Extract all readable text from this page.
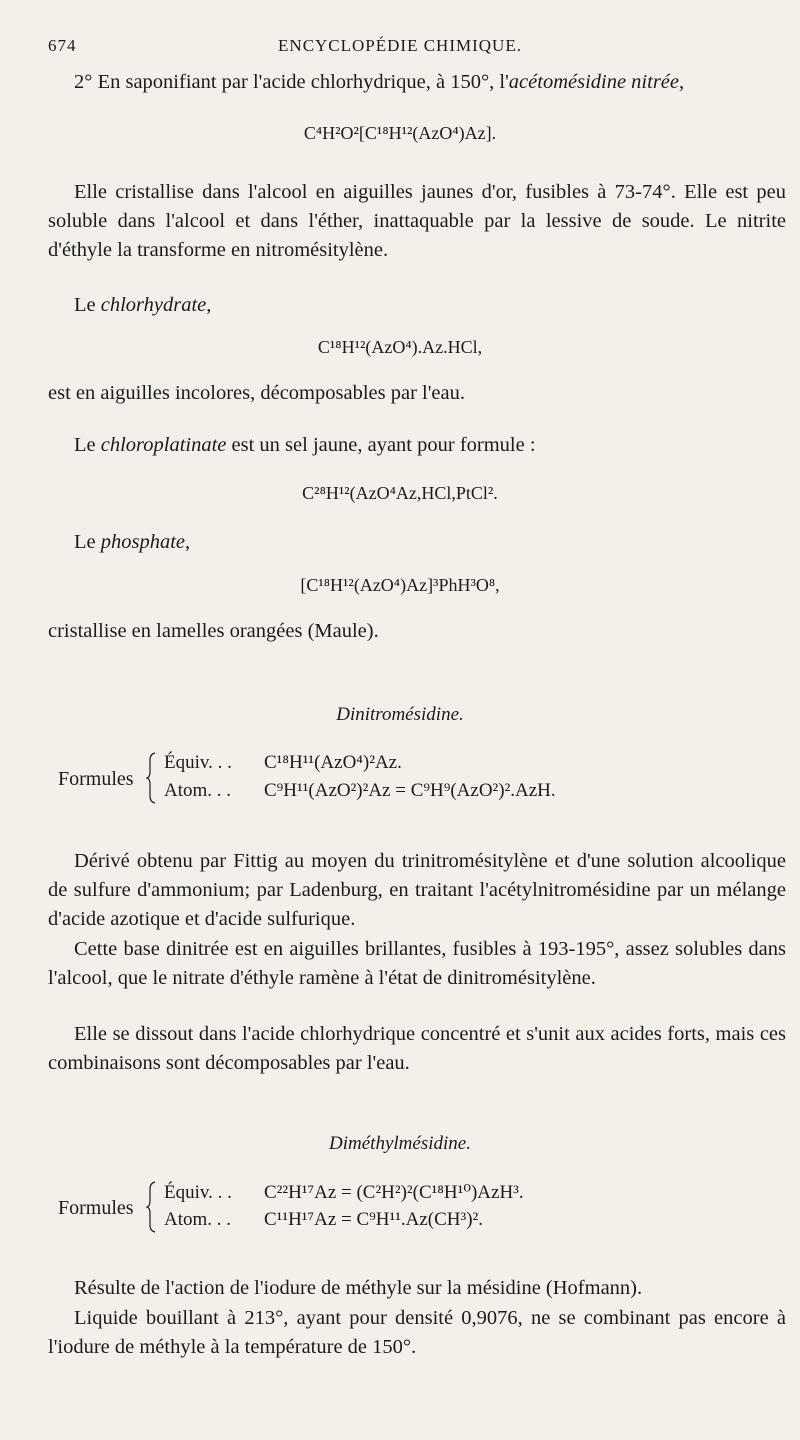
674	ENCYCLOPÉDIE CHIMIQUE.

2° En saponifiant par l'acide chlorhydrique, à 150°, l'acétomésidine nitrée,

C⁴H²O²[C¹⁸H¹²(AzO⁴)Az].

Elle cristallise dans l'alcool en aiguilles jaunes d'or, fusibles à 73-74°. Elle est peu soluble dans l'alcool et dans l'éther, inattaquable par la lessive de soude. Le nitrite d'éthyle la transforme en nitromésitylène.

Le chlorhydrate,

C¹⁸H¹²(AzO⁴).Az.HCl,

est en aiguilles incolores, décomposables par l'eau.

Le chloroplatinate est un sel jaune, ayant pour formule :

C²⁸H¹²(AzO⁴Az,HCl,PtCl².

Le phosphate,

[C¹⁸H¹²(AzO⁴)Az]³PhH³O⁸,

cristallise en lamelles orangées (Maule).

Dinitromésidine.
Formules
Équiv. . . C¹⁸H¹¹(AzO⁴)²Az.
Atom. . . C⁹H¹¹(AzO²)²Az = C⁹H⁹(AzO²)².AzH.

Dérivé obtenu par Fittig au moyen du trinitromésitylène et d'une solution alcoolique de sulfure d'ammonium; par Ladenburg, en traitant l'acétylnitromésidine par un mélange d'acide azotique et d'acide sulfurique.

Cette base dinitrée est en aiguilles brillantes, fusibles à 193-195°, assez solubles dans l'alcool, que le nitrate d'éthyle ramène à l'état de dinitromésitylène.

Elle se dissout dans l'acide chlorhydrique concentré et s'unit aux acides forts, mais ces combinaisons sont décomposables par l'eau.

Diméthylmésidine.
Formules
Équiv. . . C²²H¹⁷Az = (C²H²)²(C¹⁸H¹⁰)AzH³.
Atom. . . C¹¹H¹⁷Az = C⁹H¹¹.Az(CH³)².

Résulte de l'action de l'iodure de méthyle sur la mésidine (Hofmann).

Liquide bouillant à 213°, ayant pour densité 0,9076, ne se combinant pas encore à l'iodure de méthyle à la température de 150°.
